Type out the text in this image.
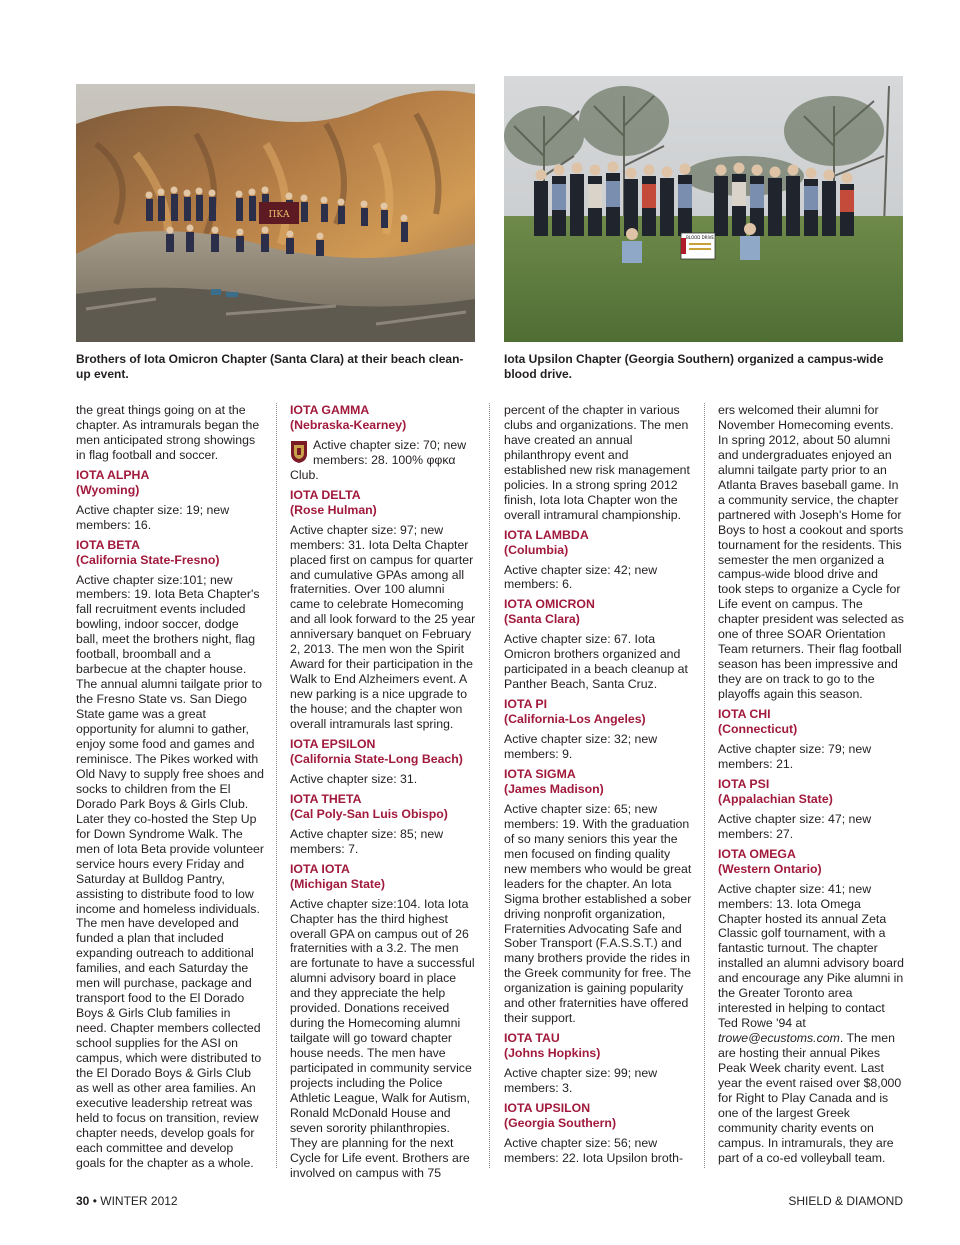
ΠΚΑ
BLOOD DRIVE
Brothers of Iota Omicron Chapter (Santa Clara) at their beach clean-up event.
Iota Upsilon Chapter (Georgia Southern) organized a campus-wide blood drive.

the great things going on at the chapter. As intramurals began the men anticipated strong showings in flag football and soccer.

IOTA ALPHA
(Wyoming)

Active chapter size: 19; new members: 16.

IOTA BETA
(California State-Fresno)

Active chapter size:101; new members: 19. Iota Beta Chapter's fall recruitment events included bowling, indoor soccer, dodge ball, meet the brothers night, flag football, broomball and a barbecue at the chapter house. The annual alumni tailgate prior to the Fresno State vs. San Diego State game was a great opportunity for alumni to gather, enjoy some food and games and reminisce. The Pikes worked with Old Navy to supply free shoes and socks to children from the El Dorado Park Boys & Girls Club. Later they co-hosted the Step Up for Down Syndrome Walk. The men of Iota Beta provide volunteer service hours every Friday and Saturday at Bulldog Pantry, assisting to distribute food to low income and homeless individuals. The men have developed and funded a plan that included expanding outreach to additional families, and each Saturday the men will purchase, package and transport food to the El Dorado Boys & Girls Club families in need. Chapter members collected school supplies for the ASI on campus, which were distributed to the El Dorado Boys & Girls Club as well as other area families. An executive leadership retreat was held to focus on transition, review chapter needs, develop goals for each committee and develop goals for the chapter as a whole.

IOTA GAMMA
(Nebraska-Kearney)

Active chapter size: 70; new members: 28. 100% φφκα Club.

IOTA DELTA
(Rose Hulman)

Active chapter size: 97; new members: 31. Iota Delta Chapter placed first on campus for quarter and cumulative GPAs among all fraternities. Over 100 alumni came to celebrate Homecoming and all look forward to the 25 year anniversary banquet on February 2, 2013. The men won the Spirit Award for their participation in the Walk to End Alzheimers event. A new parking is a nice upgrade to the house; and the chapter won overall intramurals last spring.

IOTA EPSILON
(California State-Long Beach)

Active chapter size: 31.

IOTA THETA
(Cal Poly-San Luis Obispo)

Active chapter size: 85; new members: 7.

IOTA IOTA
(Michigan State)

Active chapter size:104. Iota Iota Chapter has the third highest overall GPA on campus out of 26 fraternities with a 3.2. The men are fortunate to have a successful alumni advisory board in place and they appreciate the help provided. Donations received during the Homecoming alumni tailgate will go toward chapter house needs. The men have participated in community service projects including the Police Athletic League, Walk for Autism, Ronald McDonald House and seven sorority philanthropies. They are planning for the next Cycle for Life event. Brothers are involved on campus with 75

percent of the chapter in various clubs and organizations. The men have created an annual philanthropy event and established new risk management policies. In a strong spring 2012 finish, Iota Iota Chapter won the overall intramural championship.

IOTA LAMBDA
(Columbia)

Active chapter size: 42; new members: 6.

IOTA OMICRON
(Santa Clara)

Active chapter size: 67. Iota Omicron brothers organized and participated in a beach cleanup at Panther Beach, Santa Cruz.

IOTA PI
(California-Los Angeles)

Active chapter size: 32; new members: 9.

IOTA SIGMA
(James Madison)

Active chapter size: 65; new members: 19. With the graduation of so many seniors this year the men focused on finding quality new members who would be great leaders for the chapter. An Iota Sigma brother established a sober driving nonprofit organization, Fraternities Advocating Safe and Sober Transport (F.A.S.S.T.) and many brothers provide the rides in the Greek community for free. The organization is gaining popularity and other fraternities have offered their support.

IOTA TAU
(Johns Hopkins)

Active chapter size: 99; new members: 3.

IOTA UPSILON
(Georgia Southern)

Active chapter size: 56; new members: 22. Iota Upsilon broth-

ers welcomed their alumni for November Homecoming events. In spring 2012, about 50 alumni and undergraduates enjoyed an alumni tailgate party prior to an Atlanta Braves baseball game. In a community service, the chapter partnered with Joseph's Home for Boys to host a cookout and sports tournament for the residents. This semester the men organized a campus-wide blood drive and took steps to organize a Cycle for Life event on campus. The chapter president was selected as one of three SOAR Orientation Team returners. Their flag football season has been impressive and they are on track to go to the playoffs again this season.

IOTA CHI
(Connecticut)

Active chapter size: 79; new members: 21.

IOTA PSI
(Appalachian State)

Active chapter size: 47; new members: 27.

IOTA OMEGA
(Western Ontario)

Active chapter size: 41; new members: 13. Iota Omega Chapter hosted its annual Zeta Classic golf tournament, with a fantastic turnout. The chapter installed an alumni advisory board and encourage any Pike alumni in the Greater Toronto area interested in helping to contact Ted Rowe '94 at trowe@ecustoms.com. The men are hosting their annual Pikes Peak Week charity event. Last year the event raised over $8,000 for Right to Play Canada and is one of the largest Greek community charity events on campus. In intramurals, they are part of a co-ed volleyball team.

30 • WINTER 2012	SHIELD & DIAMOND
